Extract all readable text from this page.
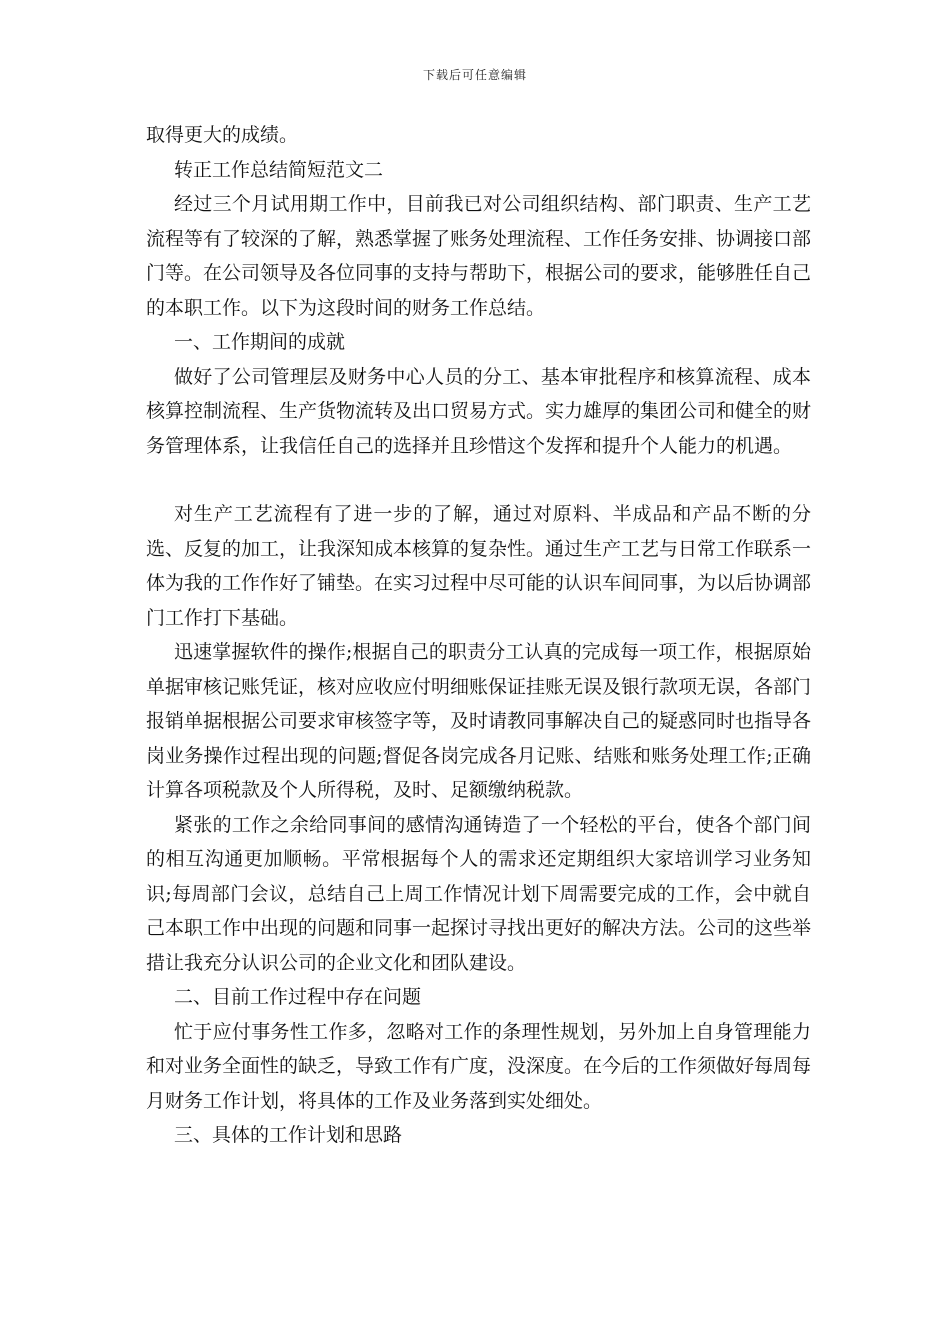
下载后可任意编辑

取得更大的成绩。

转正工作总结简短范文二

经过三个月试用期工作中，目前我已对公司组织结构、部门职责、生产工艺流程等有了较深的了解，熟悉掌握了账务处理流程、工作任务安排、协调接口部门等。在公司领导及各位同事的支持与帮助下，根据公司的要求，能够胜任自己的本职工作。以下为这段时间的财务工作总结。

一、工作期间的成就

做好了公司管理层及财务中心人员的分工、基本审批程序和核算流程、成本核算控制流程、生产货物流转及出口贸易方式。实力雄厚的集团公司和健全的财务管理体系，让我信任自己的选择并且珍惜这个发挥和提升个人能力的机遇。

对生产工艺流程有了进一步的了解，通过对原料、半成品和产品不断的分选、反复的加工，让我深知成本核算的复杂性。通过生产工艺与日常工作联系一体为我的工作作好了铺垫。在实习过程中尽可能的认识车间同事，为以后协调部门工作打下基础。

迅速掌握软件的操作;根据自己的职责分工认真的完成每一项工作，根据原始单据审核记账凭证，核对应收应付明细账保证挂账无误及银行款项无误，各部门报销单据根据公司要求审核签字等，及时请教同事解决自己的疑惑同时也指导各岗业务操作过程出现的问题;督促各岗完成各月记账、结账和账务处理工作;正确计算各项税款及个人所得税，及时、足额缴纳税款。

紧张的工作之余给同事间的感情沟通铸造了一个轻松的平台，使各个部门间的相互沟通更加顺畅。平常根据每个人的需求还定期组织大家培训学习业务知识;每周部门会议，总结自己上周工作情况计划下周需要完成的工作，会中就自己本职工作中出现的问题和同事一起探讨寻找出更好的解决方法。公司的这些举措让我充分认识公司的企业文化和团队建设。

二、目前工作过程中存在问题

忙于应付事务性工作多，忽略对工作的条理性规划，另外加上自身管理能力和对业务全面性的缺乏，导致工作有广度，没深度。在今后的工作须做好每周每月财务工作计划，将具体的工作及业务落到实处细处。

三、具体的工作计划和思路
